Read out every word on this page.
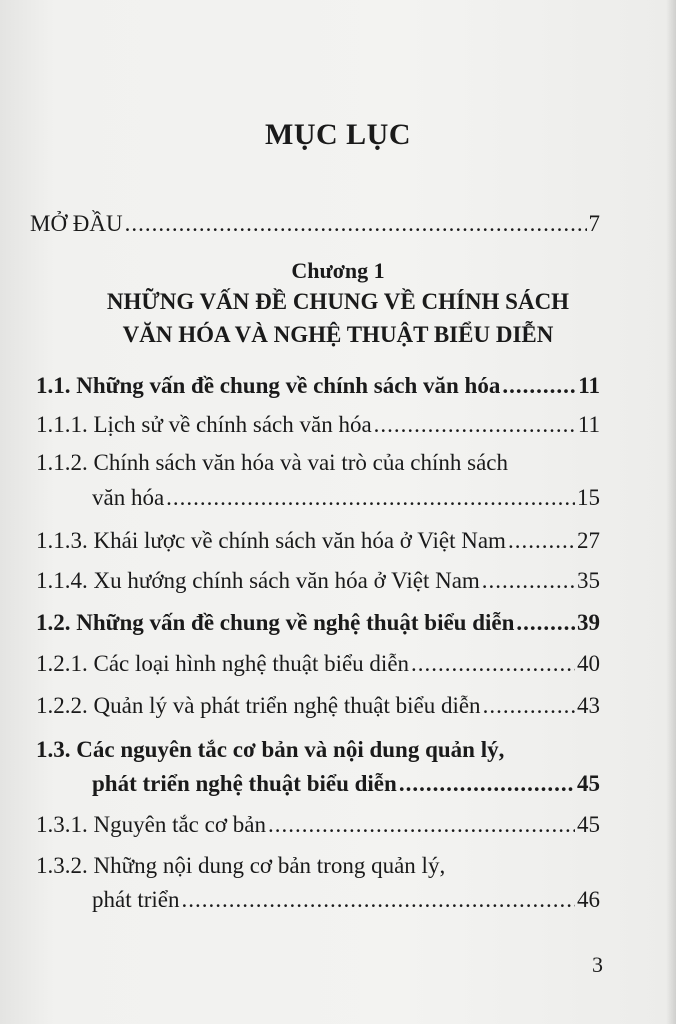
MỤC LỤC
MỞ ĐẦU .....	7
Chương 1
NHỮNG VẤN ĐỀ CHUNG VỀ CHÍNH SÁCH
VĂN HÓA VÀ NGHỆ THUẬT BIỂU DIỄN
1.1. Những vấn đề chung về chính sách văn hóa .....	11
1.1.1. Lịch sử về chính sách văn hóa .....	11
1.1.2. Chính sách văn hóa và vai trò của chính sách
văn hóa .....	15
1.1.3. Khái lược về chính sách văn hóa ở Việt Nam .....	27
1.1.4. Xu hướng chính sách văn hóa ở Việt Nam .....	35
1.2. Những vấn đề chung về nghệ thuật biểu diễn .....	39
1.2.1. Các loại hình nghệ thuật biểu diễn .....	40
1.2.2. Quản lý và phát triển nghệ thuật biểu diễn .....	43
1.3. Các nguyên tắc cơ bản và nội dung quản lý,
phát triển nghệ thuật biểu diễn .....	45
1.3.1. Nguyên tắc cơ bản .....	45
1.3.2. Những nội dung cơ bản trong quản lý,
phát triển .....	46
3
